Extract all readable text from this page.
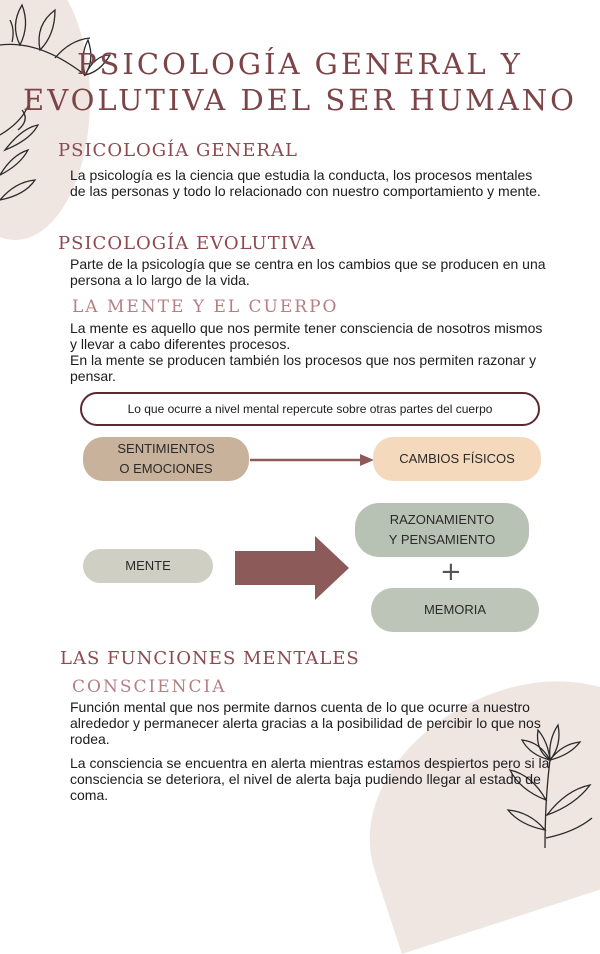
PSICOLOGÍA GENERAL Y
EVOLUTIVA DEL SER HUMANO
PSICOLOGÍA GENERAL
La psicología es la ciencia que estudia la conducta, los procesos mentales de las personas y todo lo relacionado con nuestro comportamiento y mente.
PSICOLOGÍA EVOLUTIVA
Parte de la psicología que se centra en los cambios que se producen en una persona a lo largo de la vida.
LA MENTE Y EL CUERPO
La mente es aquello que nos permite tener consciencia de nosotros mismos y llevar a cabo diferentes procesos.
En la mente se producen también los procesos que nos permiten razonar y pensar.
Lo que ocurre a nivel mental repercute sobre otras partes del cuerpo
SENTIMIENTOS
O EMOCIONES
CAMBIOS FÍSICOS
RAZONAMIENTO
Y PENSAMIENTO
MENTE	+
MEMORIA
LAS FUNCIONES MENTALES
CONSCIENCIA
Función mental que nos permite darnos cuenta de lo que ocurre a nuestro alrededor y permanecer alerta gracias a la posibilidad de percibir lo que nos rodea.
La consciencia se encuentra en alerta mientras estamos despiertos pero si la consciencia se deteriora, el nivel de alerta baja pudiendo llegar al estado de coma.
